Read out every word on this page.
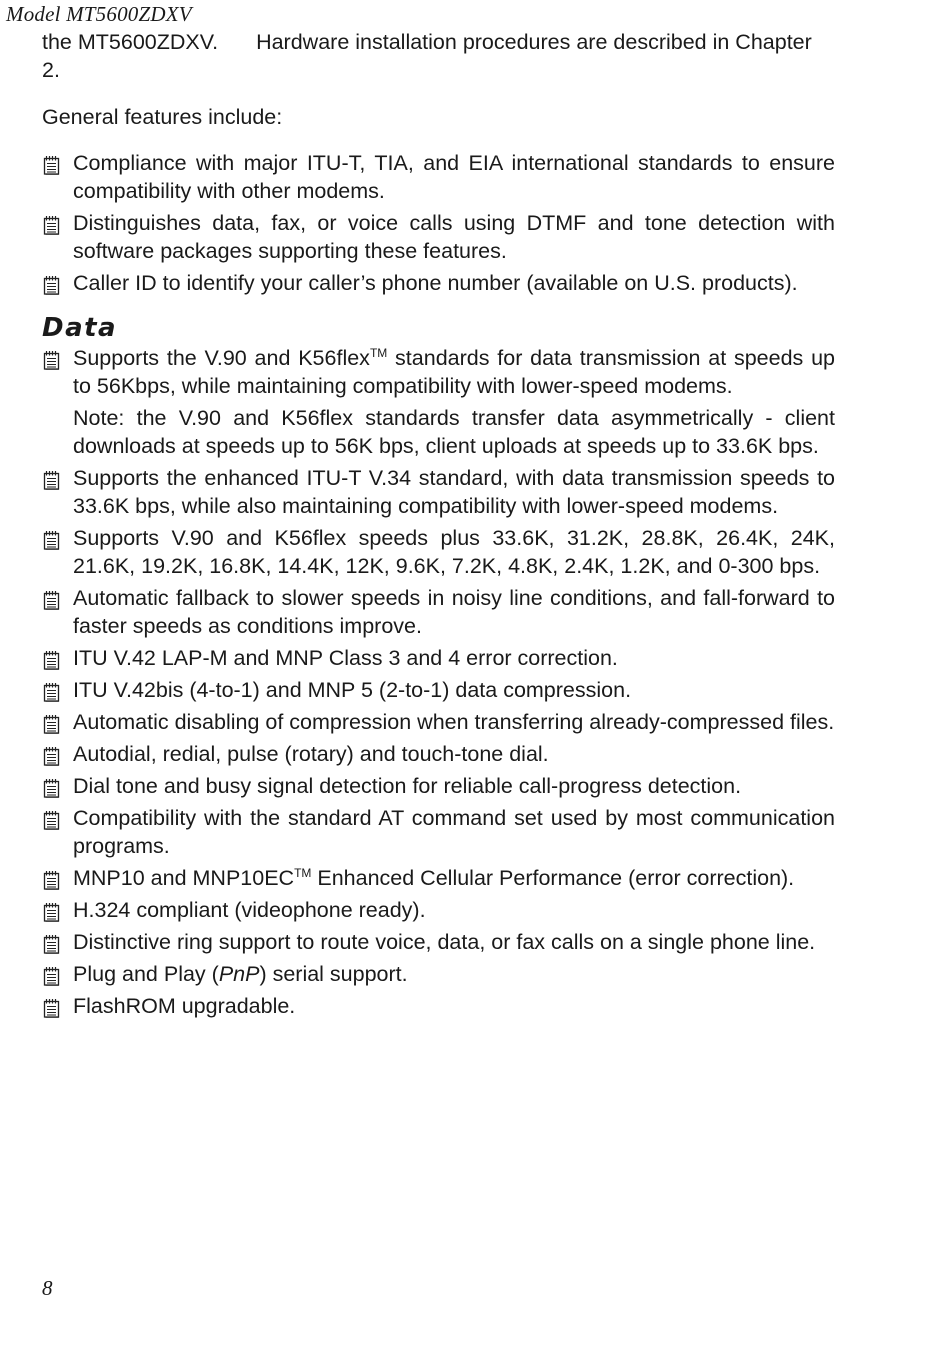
Model MT5600ZDXV

the MT5600ZDXV. Hardware installation procedures are described in Chapter 2.

General features include:

Compliance with major ITU-T, TIA, and EIA international standards to ensure compatibility with other modems.
Distinguishes data, fax, or voice calls using DTMF and tone detection with software packages supporting these features.
Caller ID to identify your caller’s phone number (available on U.S. products).
Data
Supports the V.90 and K56flex™ standards for data transmission at speeds up to 56Kbps, while maintaining compatibility with lower-speed modems.

Note: the V.90 and K56flex standards transfer data asymmetrically - client downloads at speeds up to 56K bps, client uploads at speeds up to 33.6K bps.

Supports the enhanced ITU-T V.34 standard, with data transmission speeds to 33.6K bps, while also maintaining compatibility with lower-speed modems.
Supports V.90 and K56flex speeds plus 33.6K, 31.2K, 28.8K, 26.4K, 24K, 21.6K, 19.2K, 16.8K, 14.4K, 12K, 9.6K, 7.2K, 4.8K, 2.4K, 1.2K, and 0-300 bps.
Automatic fallback to slower speeds in noisy line conditions, and fall-forward to faster speeds as conditions improve.
ITU V.42 LAP-M and MNP Class 3 and 4 error correction.
ITU V.42bis (4-to-1) and MNP 5 (2-to-1) data compression.
Automatic disabling of compression when transferring already-compressed files.
Autodial, redial, pulse (rotary) and touch-tone dial.
Dial tone and busy signal detection for reliable call-progress detection.
Compatibility with the standard AT command set used by most communication programs.
MNP10 and MNP10EC™ Enhanced Cellular Performance (error correction).
H.324 compliant (videophone ready).
Distinctive ring support to route voice, data, or fax calls on a single phone line.
Plug and Play (PnP) serial support.
FlashROM upgradable.
8
